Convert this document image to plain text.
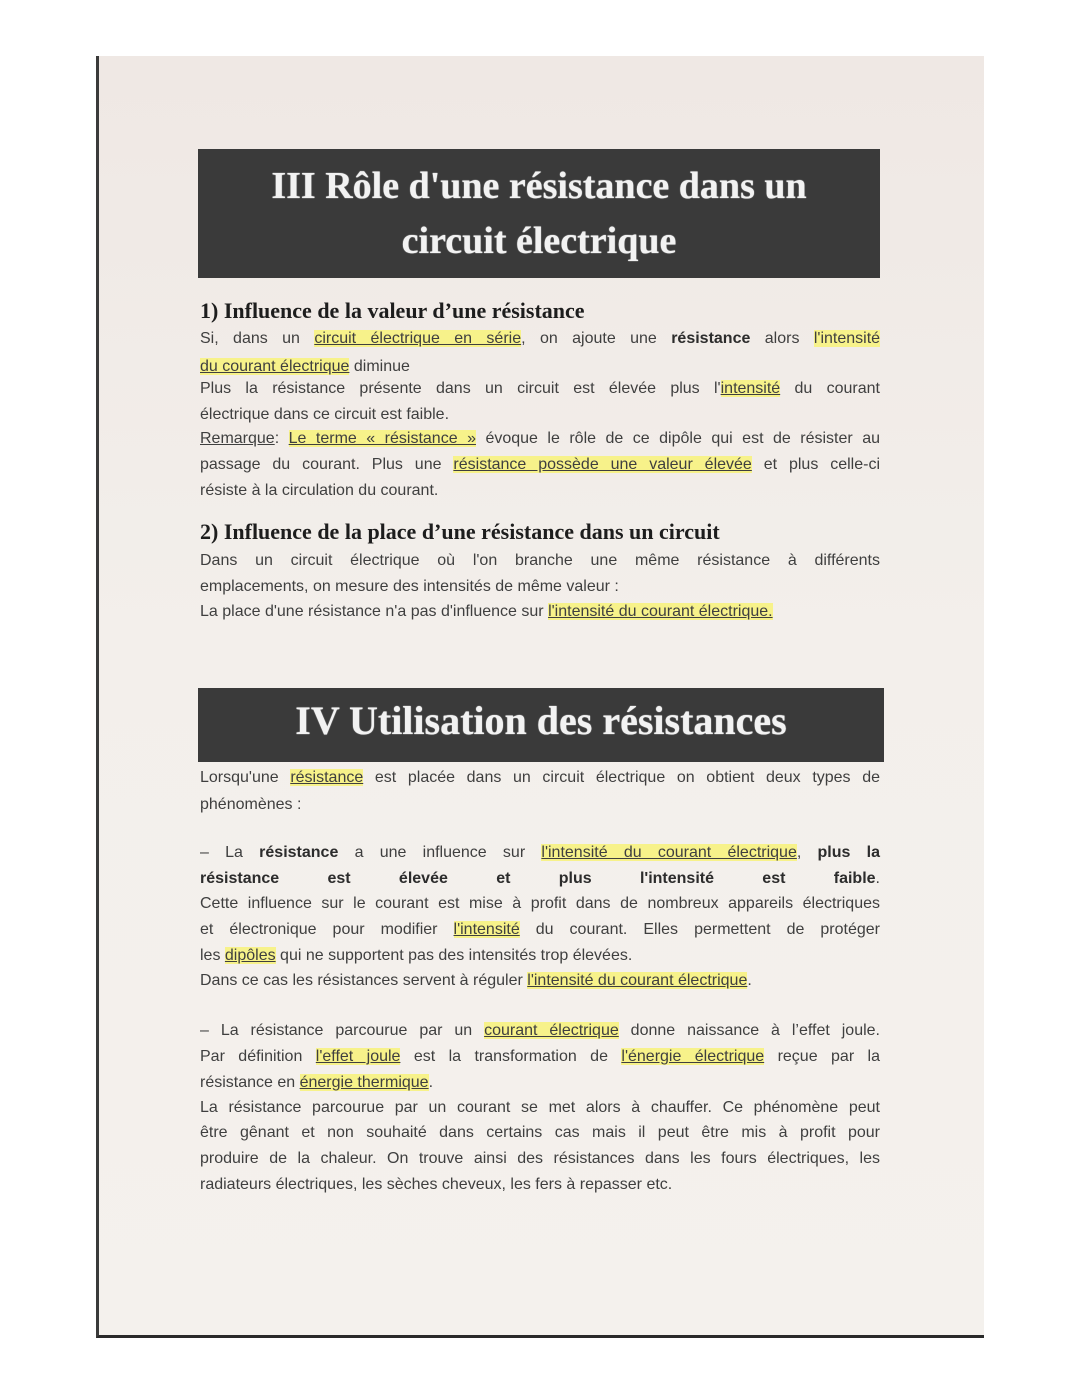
III Rôle d'une résistance dans un
circuit électrique
1) Influence de la valeur d’une résistance
Si, dans un circuit électrique en série, on ajoute une résistance alors l'intensité
du courant électrique diminue
Plus la résistance présente dans un circuit est élevée plus l'intensité du courant
électrique dans ce circuit est faible.
Remarque: Le terme « résistance » évoque le rôle de ce dipôle qui est de résister au
passage du courant. Plus une résistance possède une valeur élevée et plus celle-ci
résiste à la circulation du courant.
2) Influence de la place d’une résistance dans un circuit
Dans un circuit électrique où l'on branche une même résistance à différents
emplacements, on mesure des intensités de même valeur :
La place d'une résistance n'a pas d'influence sur l'intensité du courant électrique.
IV Utilisation des résistances
Lorsqu'une résistance est placée dans un circuit électrique on obtient deux types de
phénomènes :
– La résistance a une influence sur l'intensité du courant électrique, plus la
résistance est élevée et plus l'intensité est faible.
Cette influence sur le courant est mise à profit dans de nombreux appareils électriques
et électronique pour modifier l'intensité du courant. Elles permettent de protéger
les dipôles qui ne supportent pas des intensités trop élevées.
Dans ce cas les résistances servent à réguler l'intensité du courant électrique.
– La résistance parcourue par un courant électrique donne naissance à l’effet joule.
Par définition l'effet joule est la transformation de l'énergie électrique reçue par la
résistance en énergie thermique.
La résistance parcourue par un courant se met alors à chauffer. Ce phénomène peut
être gênant et non souhaité dans certains cas mais il peut être mis à profit pour
produire de la chaleur. On trouve ainsi des résistances dans les fours électriques, les
radiateurs électriques, les sèches cheveux, les fers à repasser etc.
